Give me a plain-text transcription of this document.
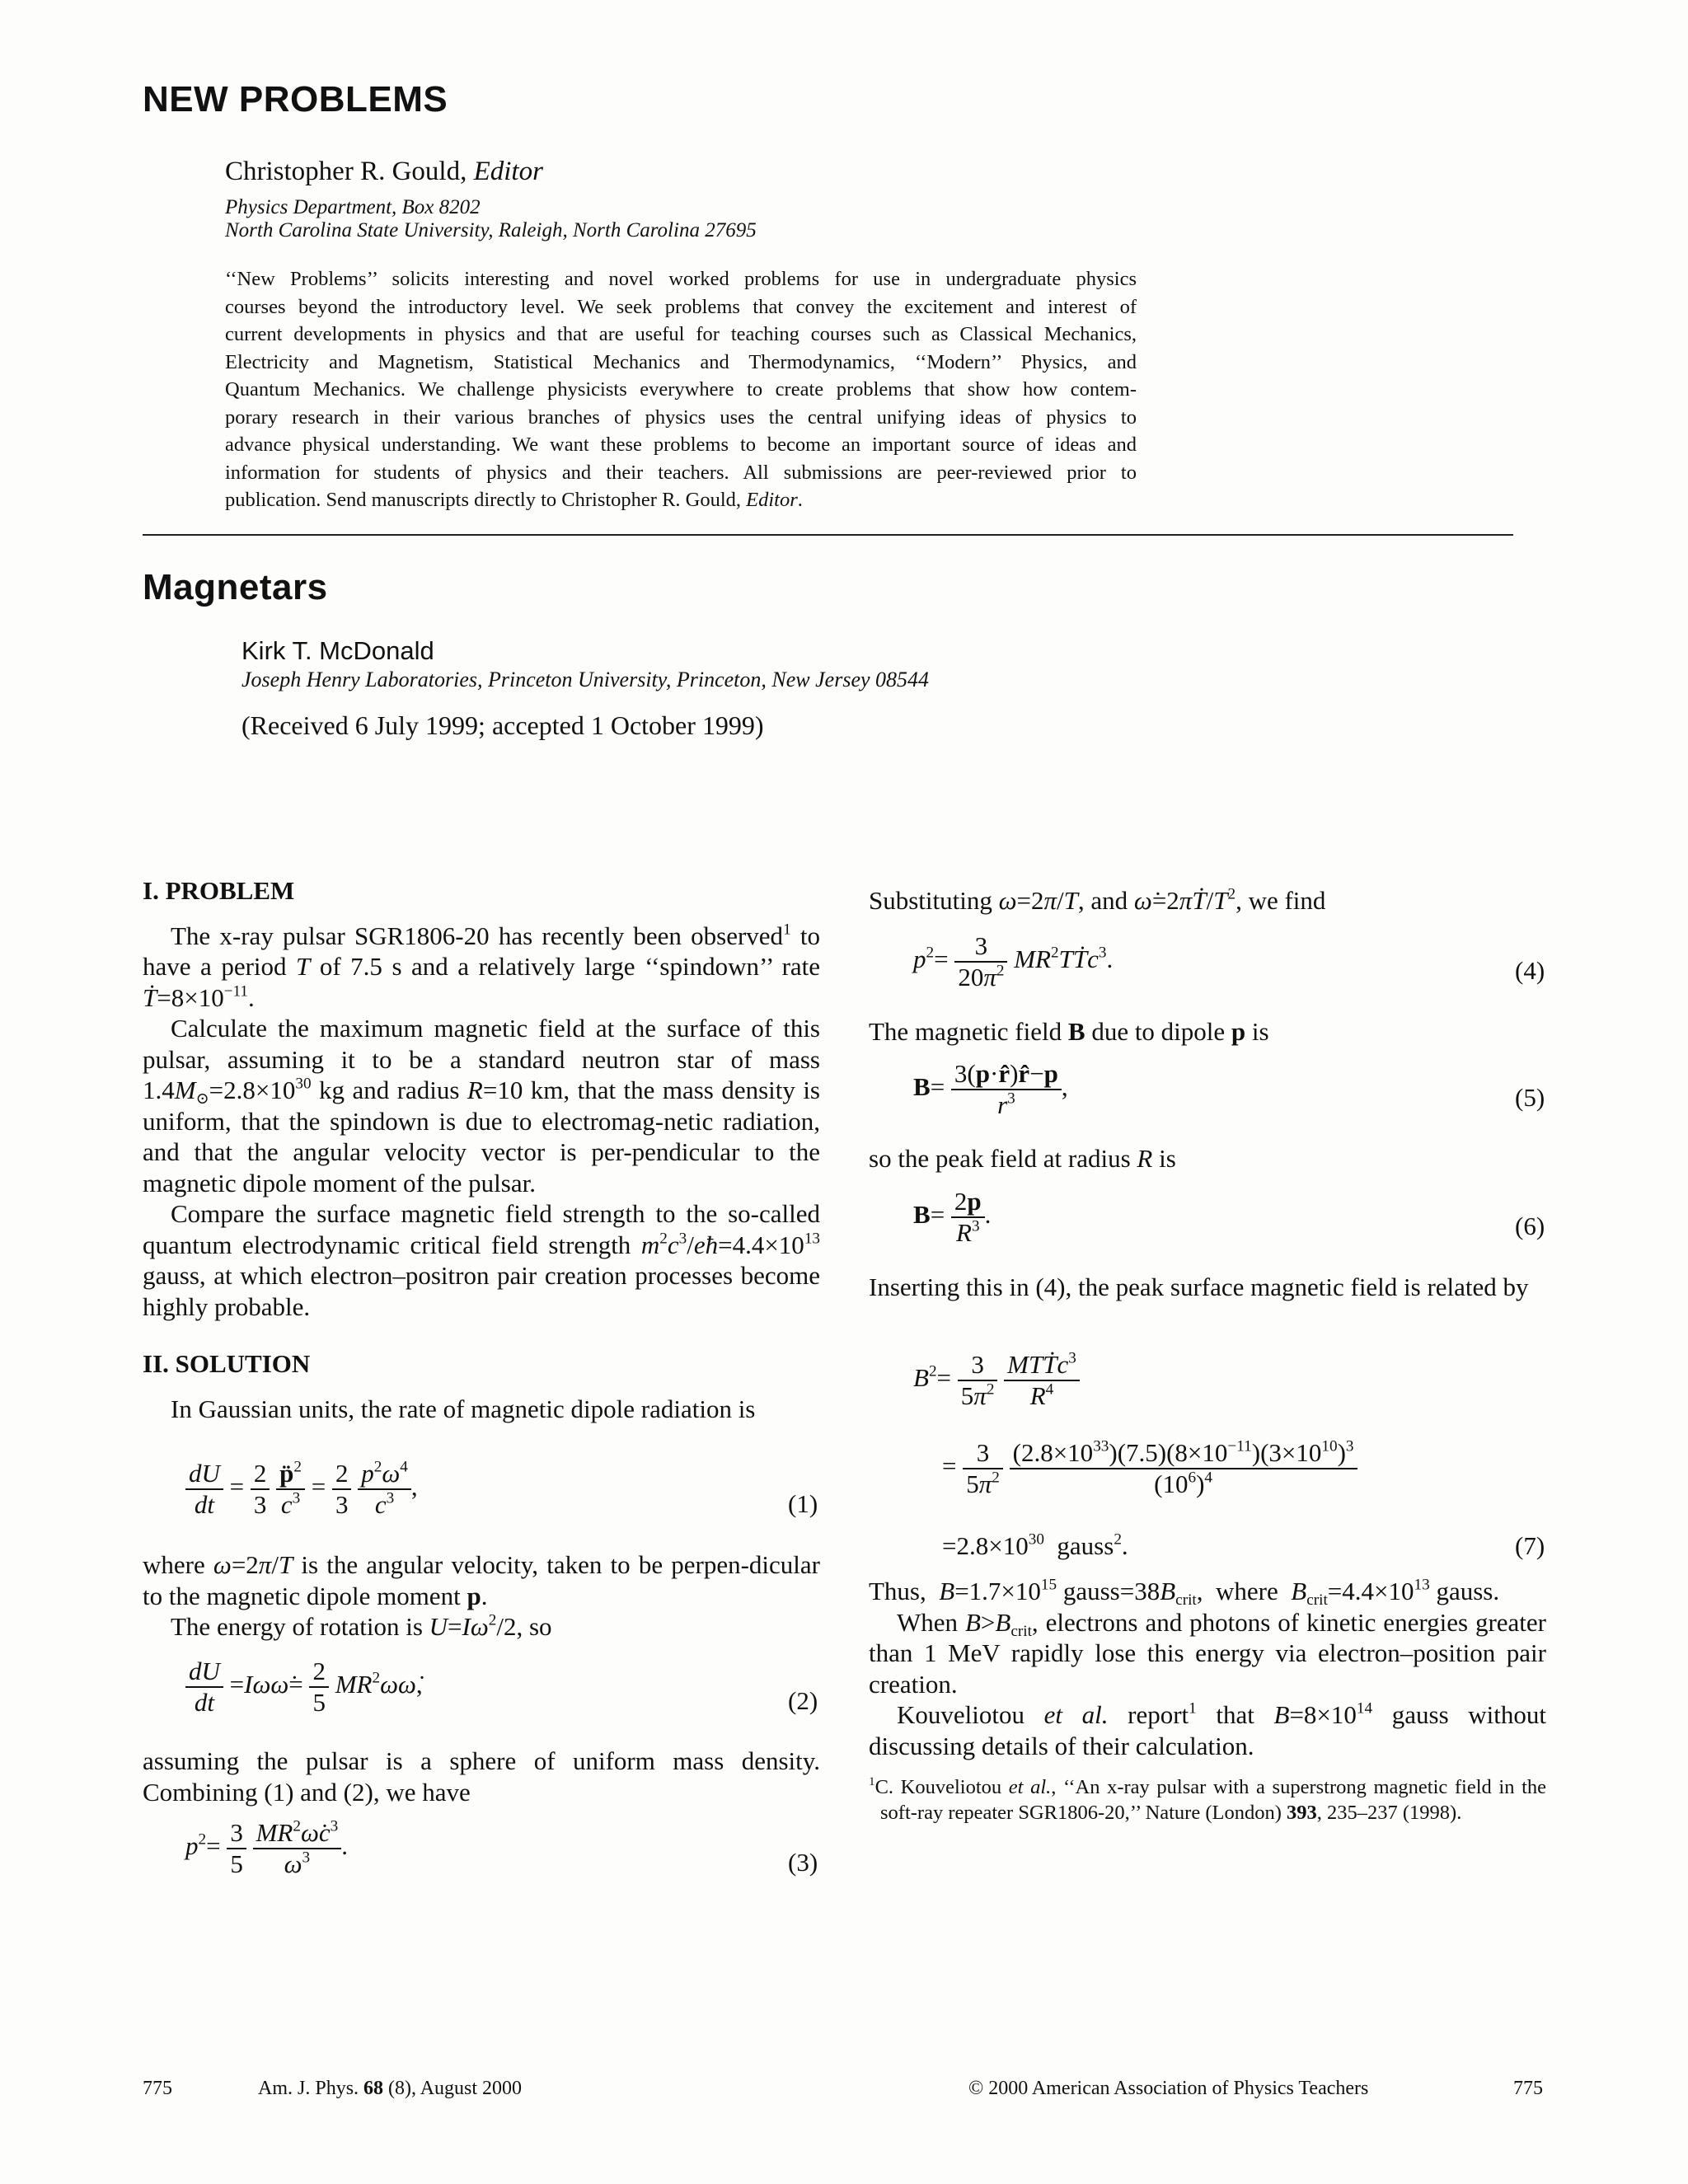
NEW PROBLEMS
Christopher R. Gould, Editor
Physics Department, Box 8202
North Carolina State University, Raleigh, North Carolina 27695
‘‘New Problems’’ solicits interesting and novel worked problems for use in undergraduate physics
courses beyond the introductory level. We seek problems that convey the excitement and interest of
current developments in physics and that are useful for teaching courses such as Classical Mechanics,
Electricity and Magnetism, Statistical Mechanics and Thermodynamics, ‘‘Modern’’ Physics, and
Quantum Mechanics. We challenge physicists everywhere to create problems that show how contem-
porary research in their various branches of physics uses the central unifying ideas of physics to
advance physical understanding. We want these problems to become an important source of ideas and
information for students of physics and their teachers. All submissions are peer-reviewed prior to
publication. Send manuscripts directly to Christopher R. Gould, Editor.
Magnetars
Kirk T. McDonald
Joseph Henry Laboratories, Princeton University, Princeton, New Jersey 08544
(Received 6 July 1999; accepted 1 October 1999)

I. PROBLEM

The x-ray pulsar SGR1806-20 has recently been observed$^1$ to have a period T of 7.5 s and a relatively large ‘‘spindown’’ rate $Ṫ=8\times 10^{-11}$.

Calculate the maximum magnetic field at the surface of this pulsar, assuming it to be a standard neutron star of mass $1.4M_⊙=2.8\times 10^{30}$ kg and radius R=10 km, that the mass density is uniform, that the spindown is due to electromag-netic radiation, and that the angular velocity vector is per-pendicular to the magnetic dipole moment of the pulsar.

Compare the surface magnetic field strength to the so-called quantum electrodynamic critical field strength $m^2c^3/eħ=4.4\times 10^{13}$ gauss, at which electron–positron pair creation processes become highly probable.

II. SOLUTION

In Gaussian units, the rate of magnetic dipole radiation is

$\frac{dU}{dt} = \frac{2}{3}$
$\frac{p̈^2}{c^3} = \frac{2}{3}$
$\frac{p^2\omega^4}{c^3}$ ,
(1)

where ω=2π/T is the angular velocity, taken to be perpen-dicular to the magnetic dipole moment p.

The energy of rotation is $U=I\omega^2/2$, so

$\frac{dU}{dt}$ =Iωω̇= $\frac{2}{5}$ $MR^2\omega\omegȧ$,
(2)

assuming the pulsar is a sphere of uniform mass density. Combining (1) and (2), we have

$p^2= \frac{3}{5}$
$\frac{MR^2\omegȧc^3}{\omega^3}$ .
(3)

Substituting ω=2π/T, and $\omegȧ=2\pi Ṫ/T^2$, we find

$p^2= \frac{3}{20\pi^2}$ $MR^2TṪc^3$.	(4)

The magnetic field B due to dipole p is

$B= \frac{3(p\cdot r̂)r̂-p}{r^3}$ ,	(5)

so the peak field at radius R is

$B= \frac{2p}{R^3}$ .	(6)

Inserting this in (4), the peak surface magnetic field is related by

$B^2= \frac{3}{5\pi^2}$
$\frac{MTṪc^3}{R^4}$
= $\frac{3}{5\pi^2}$
$\frac{(2.8\times 10^{33})(7.5)(8\times 10^{-11})(3\times 10^{10})^3}{(10^6)^4}$
$=2.8\times 10^{30}$  gauss$^2$.	(7)

Thus, $B=1.7\times 10^{15}$ $gauss=38B_{crit}$,  where $B_{crit}=4.4\times 10^{13}$ gauss.

When $B>B_{crit}$, electrons and photons of kinetic energies greater than 1 MeV rapidly lose this energy via electron–position pair creation.

Kouveliotou et al. report$^1$ that $B=8\times 10^{14}$ gauss without discussing details of their calculation.

$^1$C. Kouveliotou et al., ‘‘An x-ray pulsar with a superstrong magnetic field in the soft-ray repeater SGR1806-20,’’ Nature (London) 393, 235–237 (1998).

775	Am. J. Phys. 68 (8), August 2000	© 2000 American Association of Physics Teachers	775
